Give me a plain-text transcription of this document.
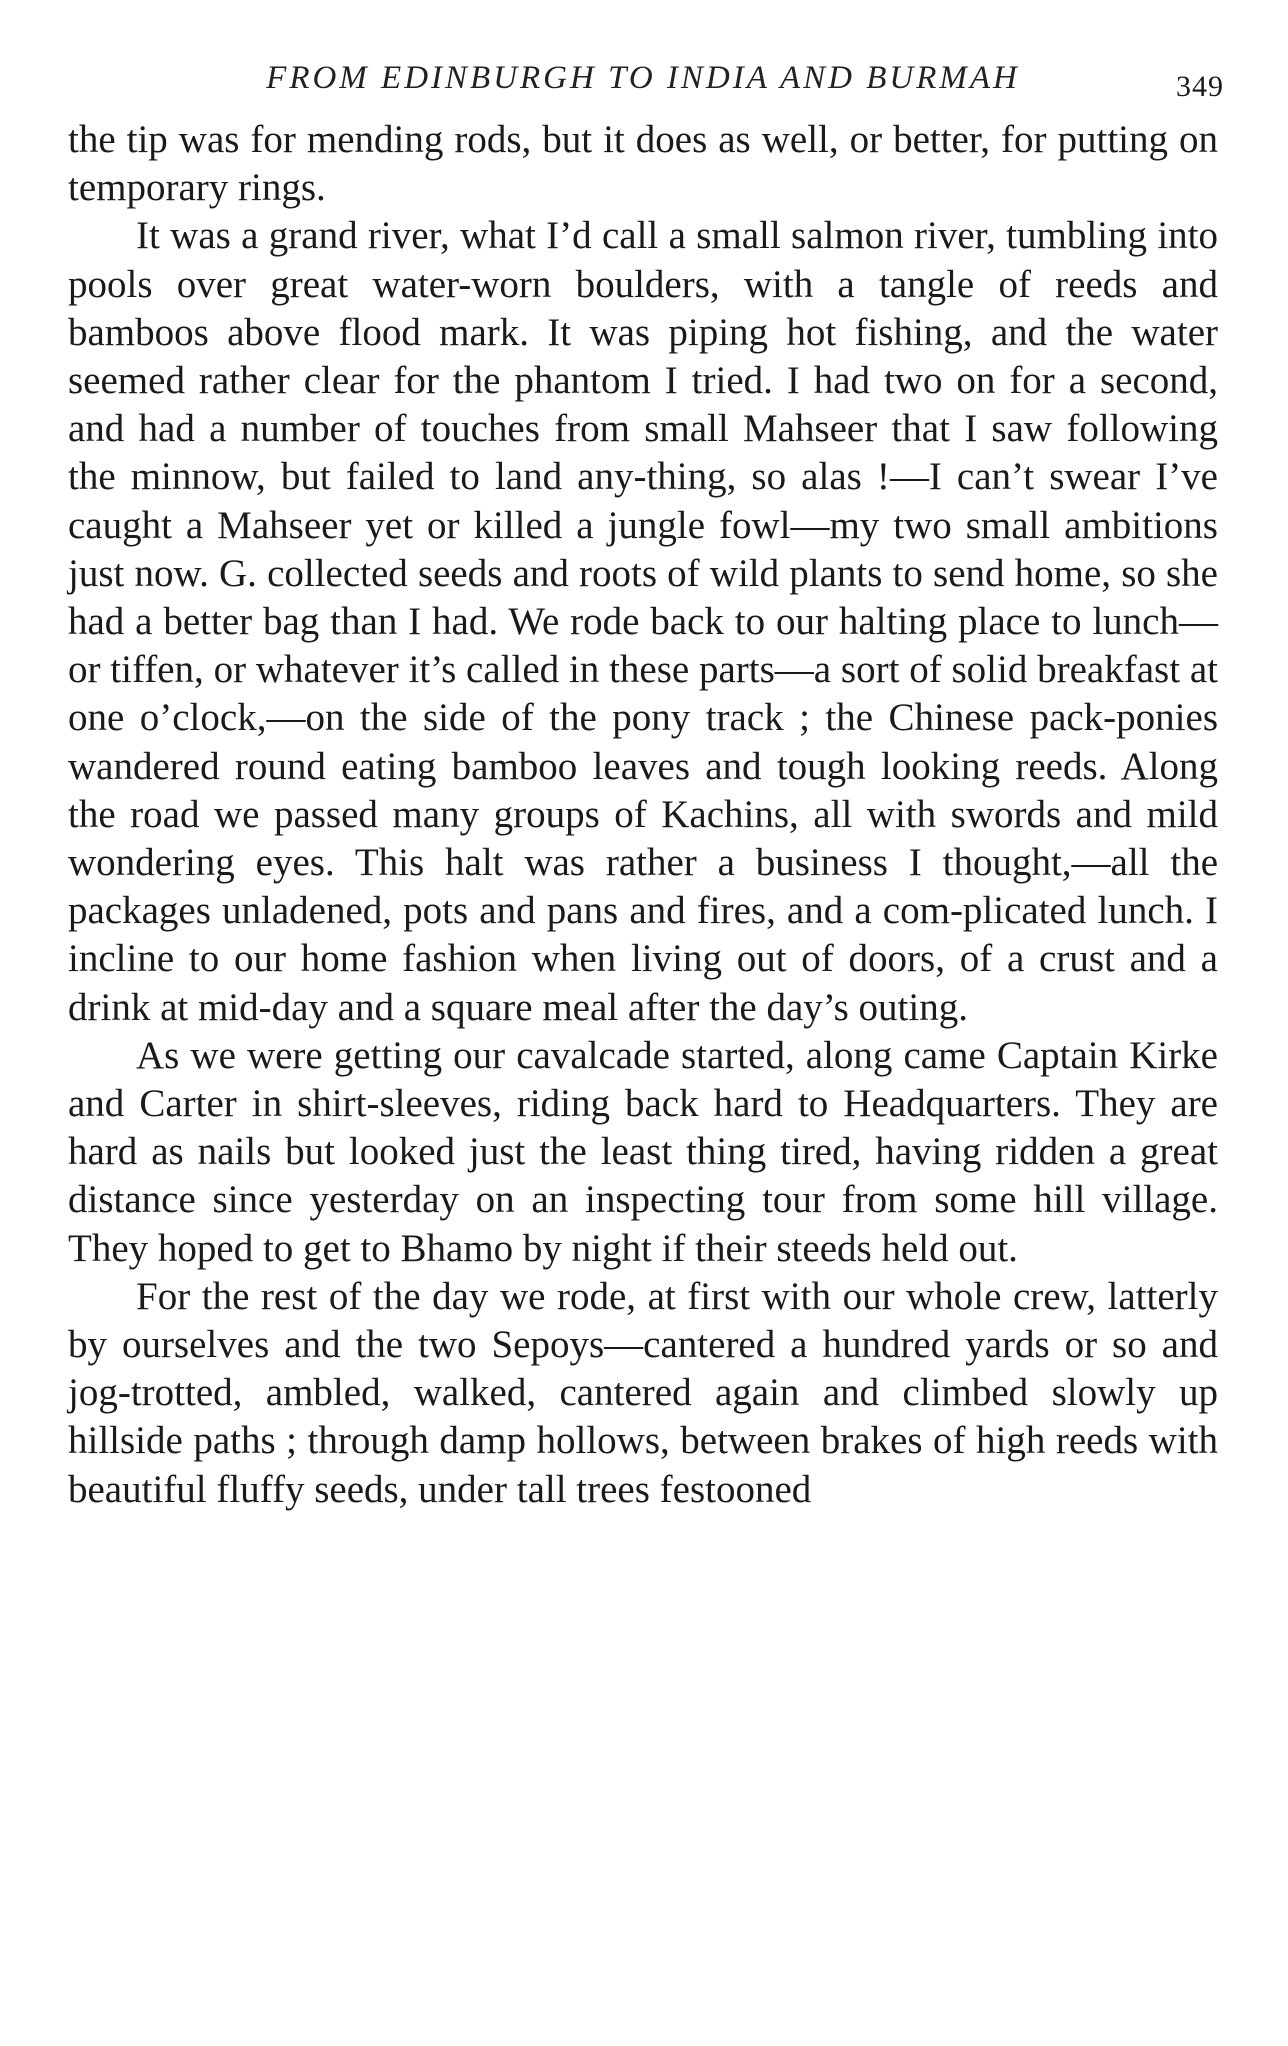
FROM EDINBURGH TO INDIA AND BURMAH	349

the tip was for mending rods, but it does as well, or better, for putting on temporary rings.

It was a grand river, what I’d call a small salmon river, tumbling into pools over great water-worn boulders, with a tangle of reeds and bamboos above flood mark. It was piping hot fishing, and the water seemed rather clear for the phantom I tried. I had two on for a second, and had a number of touches from small Mahseer that I saw following the minnow, but failed to land any-thing, so alas !—I can’t swear I’ve caught a Mahseer yet or killed a jungle fowl—my two small ambitions just now. G. collected seeds and roots of wild plants to send home, so she had a better bag than I had. We rode back to our halting place to lunch—or tiffen, or whatever it’s called in these parts—a sort of solid breakfast at one o’clock,—on the side of the pony track ; the Chinese pack-ponies wandered round eating bamboo leaves and tough looking reeds. Along the road we passed many groups of Kachins, all with swords and mild wondering eyes. This halt was rather a business I thought,—all the packages unladened, pots and pans and fires, and a com-plicated lunch. I incline to our home fashion when living out of doors, of a crust and a drink at mid-day and a square meal after the day’s outing.

As we were getting our cavalcade started, along came Captain Kirke and Carter in shirt-sleeves, riding back hard to Headquarters. They are hard as nails but looked just the least thing tired, having ridden a great distance since yesterday on an inspecting tour from some hill village. They hoped to get to Bhamo by night if their steeds held out.

For the rest of the day we rode, at first with our whole crew, latterly by ourselves and the two Sepoys—cantered a hundred yards or so and jog-trotted, ambled, walked, cantered again and climbed slowly up hillside paths ; through damp hollows, between brakes of high reeds with beautiful fluffy seeds, under tall trees festooned
